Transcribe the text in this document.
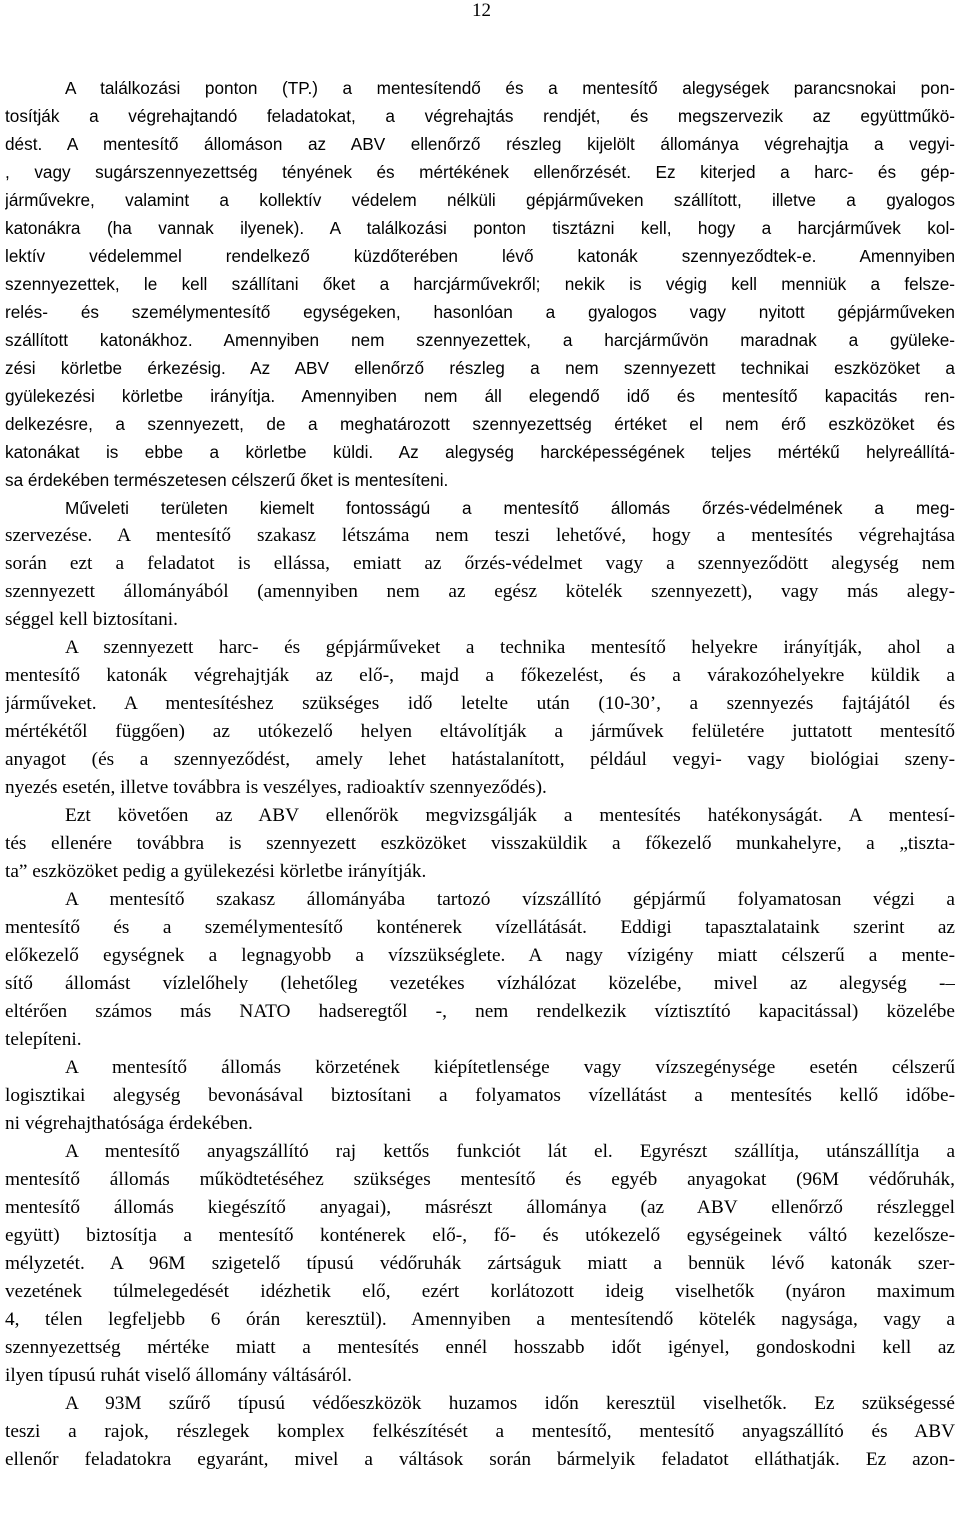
12
A találkozási ponton (TP.) a mentesítendő és a mentesítő alegységek parancsnokai pon-
tosítják a végrehajtandó feladatokat, a végrehajtás rendjét, és megszervezik az együttműkö-
dést. A mentesítő állomáson az ABV ellenőrző részleg kijelölt állománya végrehajtja a vegyi-
, vagy sugárszennyezettség tényének és mértékének ellenőrzését. Ez kiterjed a harc- és gép-
járművekre, valamint a kollektív védelem nélküli gépjárműveken szállított, illetve a gyalogos
katonákra (ha vannak ilyenek). A találkozási ponton tisztázni kell, hogy a harcjárművek kol-
lektív védelemmel rendelkező küzdőterében lévő katonák szennyeződtek-e. Amennyiben
szennyezettek, le kell szállítani őket a harcjárművekről; nekik is végig kell menniük a felsze-
relés- és személymentesítő egységeken, hasonlóan a gyalogos vagy nyitott gépjárműveken
szállított katonákhoz. Amennyiben nem szennyezettek, a harcjárművön maradnak a gyüleke-
zési körletbe érkezésig. Az ABV ellenőrző részleg a nem szennyezett technikai eszközöket a
gyülekezési körletbe irányítja. Amennyiben nem áll elegendő idő és mentesítő kapacitás ren-
delkezésre, a szennyezett, de a meghatározott szennyezettség értéket el nem érő eszközöket és
katonákat is ebbe a körletbe küldi. Az alegység harcképességének teljes mértékű helyreállítá-
sa érdekében természetesen célszerű őket is mentesíteni.
Műveleti területen kiemelt fontosságú a mentesítő állomás őrzés-védelmének a meg-
szervezése. A mentesítő szakasz létszáma nem teszi lehetővé, hogy a mentesítés végrehajtása
során ezt a feladatot is ellássa, emiatt az őrzés-védelmet vagy a szennyeződött alegység nem
szennyezett állományából (amennyiben nem az egész kötelék szennyezett), vagy más alegy-
séggel kell biztosítani.
A szennyezett harc- és gépjárműveket a technika mentesítő helyekre irányítják, ahol a
mentesítő katonák végrehajtják az elő-, majd a főkezelést, és a várakozóhelyekre küldik a
járműveket. A mentesítéshez szükséges idő letelte után (10-30’, a szennyezés fajtájától és
mértékétől függően) az utókezelő helyen eltávolítják a járművek felületére juttatott mentesítő
anyagot (és a szennyeződést, amely lehet hatástalanított, például vegyi- vagy biológiai szeny-
nyezés esetén, illetve továbbra is veszélyes, radioaktív szennyeződés).
Ezt követően az ABV ellenőrök megvizsgálják a mentesítés hatékonyságát. A mentesí-
tés ellenére továbbra is szennyezett eszközöket visszaküldik a főkezelő munkahelyre, a „tiszta-
ta” eszközöket pedig a gyülekezési körletbe irányítják.
A mentesítő szakasz állományába tartozó vízszállító gépjármű folyamatosan végzi a
mentesítő és a személymentesítő konténerek vízellátását. Eddigi tapasztalataink szerint az
előkezelő egységnek a legnagyobb a vízszükséglete. A nagy vízigény miatt célszerű a mente-
sítő állomást vízlelőhely (lehetőleg vezetékes vízhálózat közelébe, mivel az alegység -–
eltérően számos más NATO hadseregtől -, nem rendelkezik víztisztító kapacitással) közelébe
telepíteni.
A mentesítő állomás körzetének kiépítetlensége vagy vízszegénysége esetén célszerű
logisztikai alegység bevonásával biztosítani a folyamatos vízellátást a mentesítés kellő időbe-
ni végrehajthatósága érdekében.
A mentesítő anyagszállító raj kettős funkciót lát el. Egyrészt szállítja, utánszállítja a
mentesítő állomás működtetéséhez szükséges mentesítő és egyéb anyagokat (96M védőruhák,
mentesítő állomás kiegészítő anyagai), másrészt állománya (az ABV ellenőrző részleggel
együtt) biztosítja a mentesítő konténerek elő-, fő- és utókezelő egységeinek váltó kezelősze-
mélyzetét. A 96M szigetelő típusú védőruhák zártságuk miatt a bennük lévő katonák szer-
vezetének túlmelegedését idézhetik elő, ezért korlátozott ideig viselhetők (nyáron maximum
4, télen legfeljebb 6 órán keresztül). Amennyiben a mentesítendő kötelék nagysága, vagy a
szennyezettség mértéke miatt a mentesítés ennél hosszabb időt igényel, gondoskodni kell az
ilyen típusú ruhát viselő állomány váltásáról.
A 93M szűrő típusú védőeszközök huzamos időn keresztül viselhetők. Ez szükségessé
teszi a rajok, részlegek komplex felkészítését a mentesítő, mentesítő anyagszállító és ABV
ellenőr feladatokra egyaránt, mivel a váltások során bármelyik feladatot elláthatják. Ez azon-
